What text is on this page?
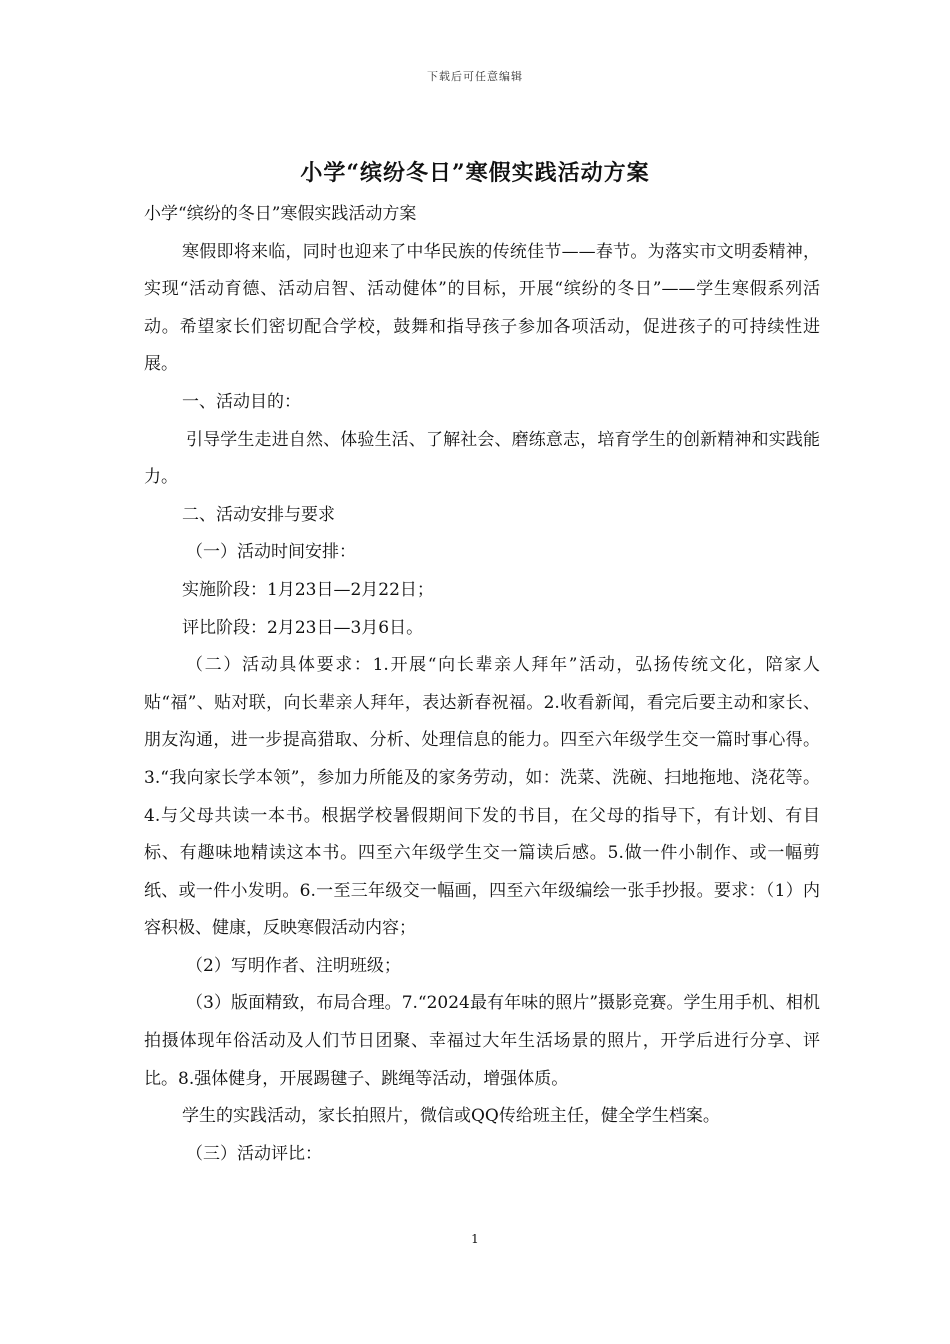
下载后可任意编辑
小学“缤纷冬日”寒假实践活动方案

小学“缤纷的冬日”寒假实践活动方案

寒假即将来临，同时也迎来了中华民族的传统佳节——春节。为落实市文明委精神，实现“活动育德、活动启智、活动健体”的目标，开展“缤纷的冬日”——学生寒假系列活动。希望家长们密切配合学校，鼓舞和指导孩子参加各项活动，促进孩子的可持续性进展。

一、活动目的：

引导学生走进自然、体验生活、了解社会、磨练意志，培育学生的创新精神和实践能力。

二、活动安排与要求

（一）活动时间安排：

实施阶段：1月23日—2月22日；

评比阶段：2月23日—3月6日。

（二）活动具体要求：1.开展“向长辈亲人拜年”活动，弘扬传统文化，陪家人贴“福”、贴对联，向长辈亲人拜年，表达新春祝福。2.收看新闻，看完后要主动和家长、朋友沟通，进一步提高猎取、分析、处理信息的能力。四至六年级学生交一篇时事心得。3.“我向家长学本领”，参加力所能及的家务劳动，如：洗菜、洗碗、扫地拖地、浇花等。4.与父母共读一本书。根据学校暑假期间下发的书目，在父母的指导下，有计划、有目标、有趣味地精读这本书。四至六年级学生交一篇读后感。5.做一件小制作、或一幅剪纸、或一件小发明。6.一至三年级交一幅画，四至六年级编绘一张手抄报。要求：（1）内容积极、健康，反映寒假活动内容；

（2）写明作者、注明班级；

（3）版面精致，布局合理。7.“2024最有年味的照片”摄影竞赛。学生用手机、相机拍摄体现年俗活动及人们节日团聚、幸福过大年生活场景的照片，开学后进行分享、评比。8.强体健身，开展踢毽子、跳绳等活动，增强体质。

学生的实践活动，家长拍照片，微信或QQ传给班主任，健全学生档案。

（三）活动评比：

1
